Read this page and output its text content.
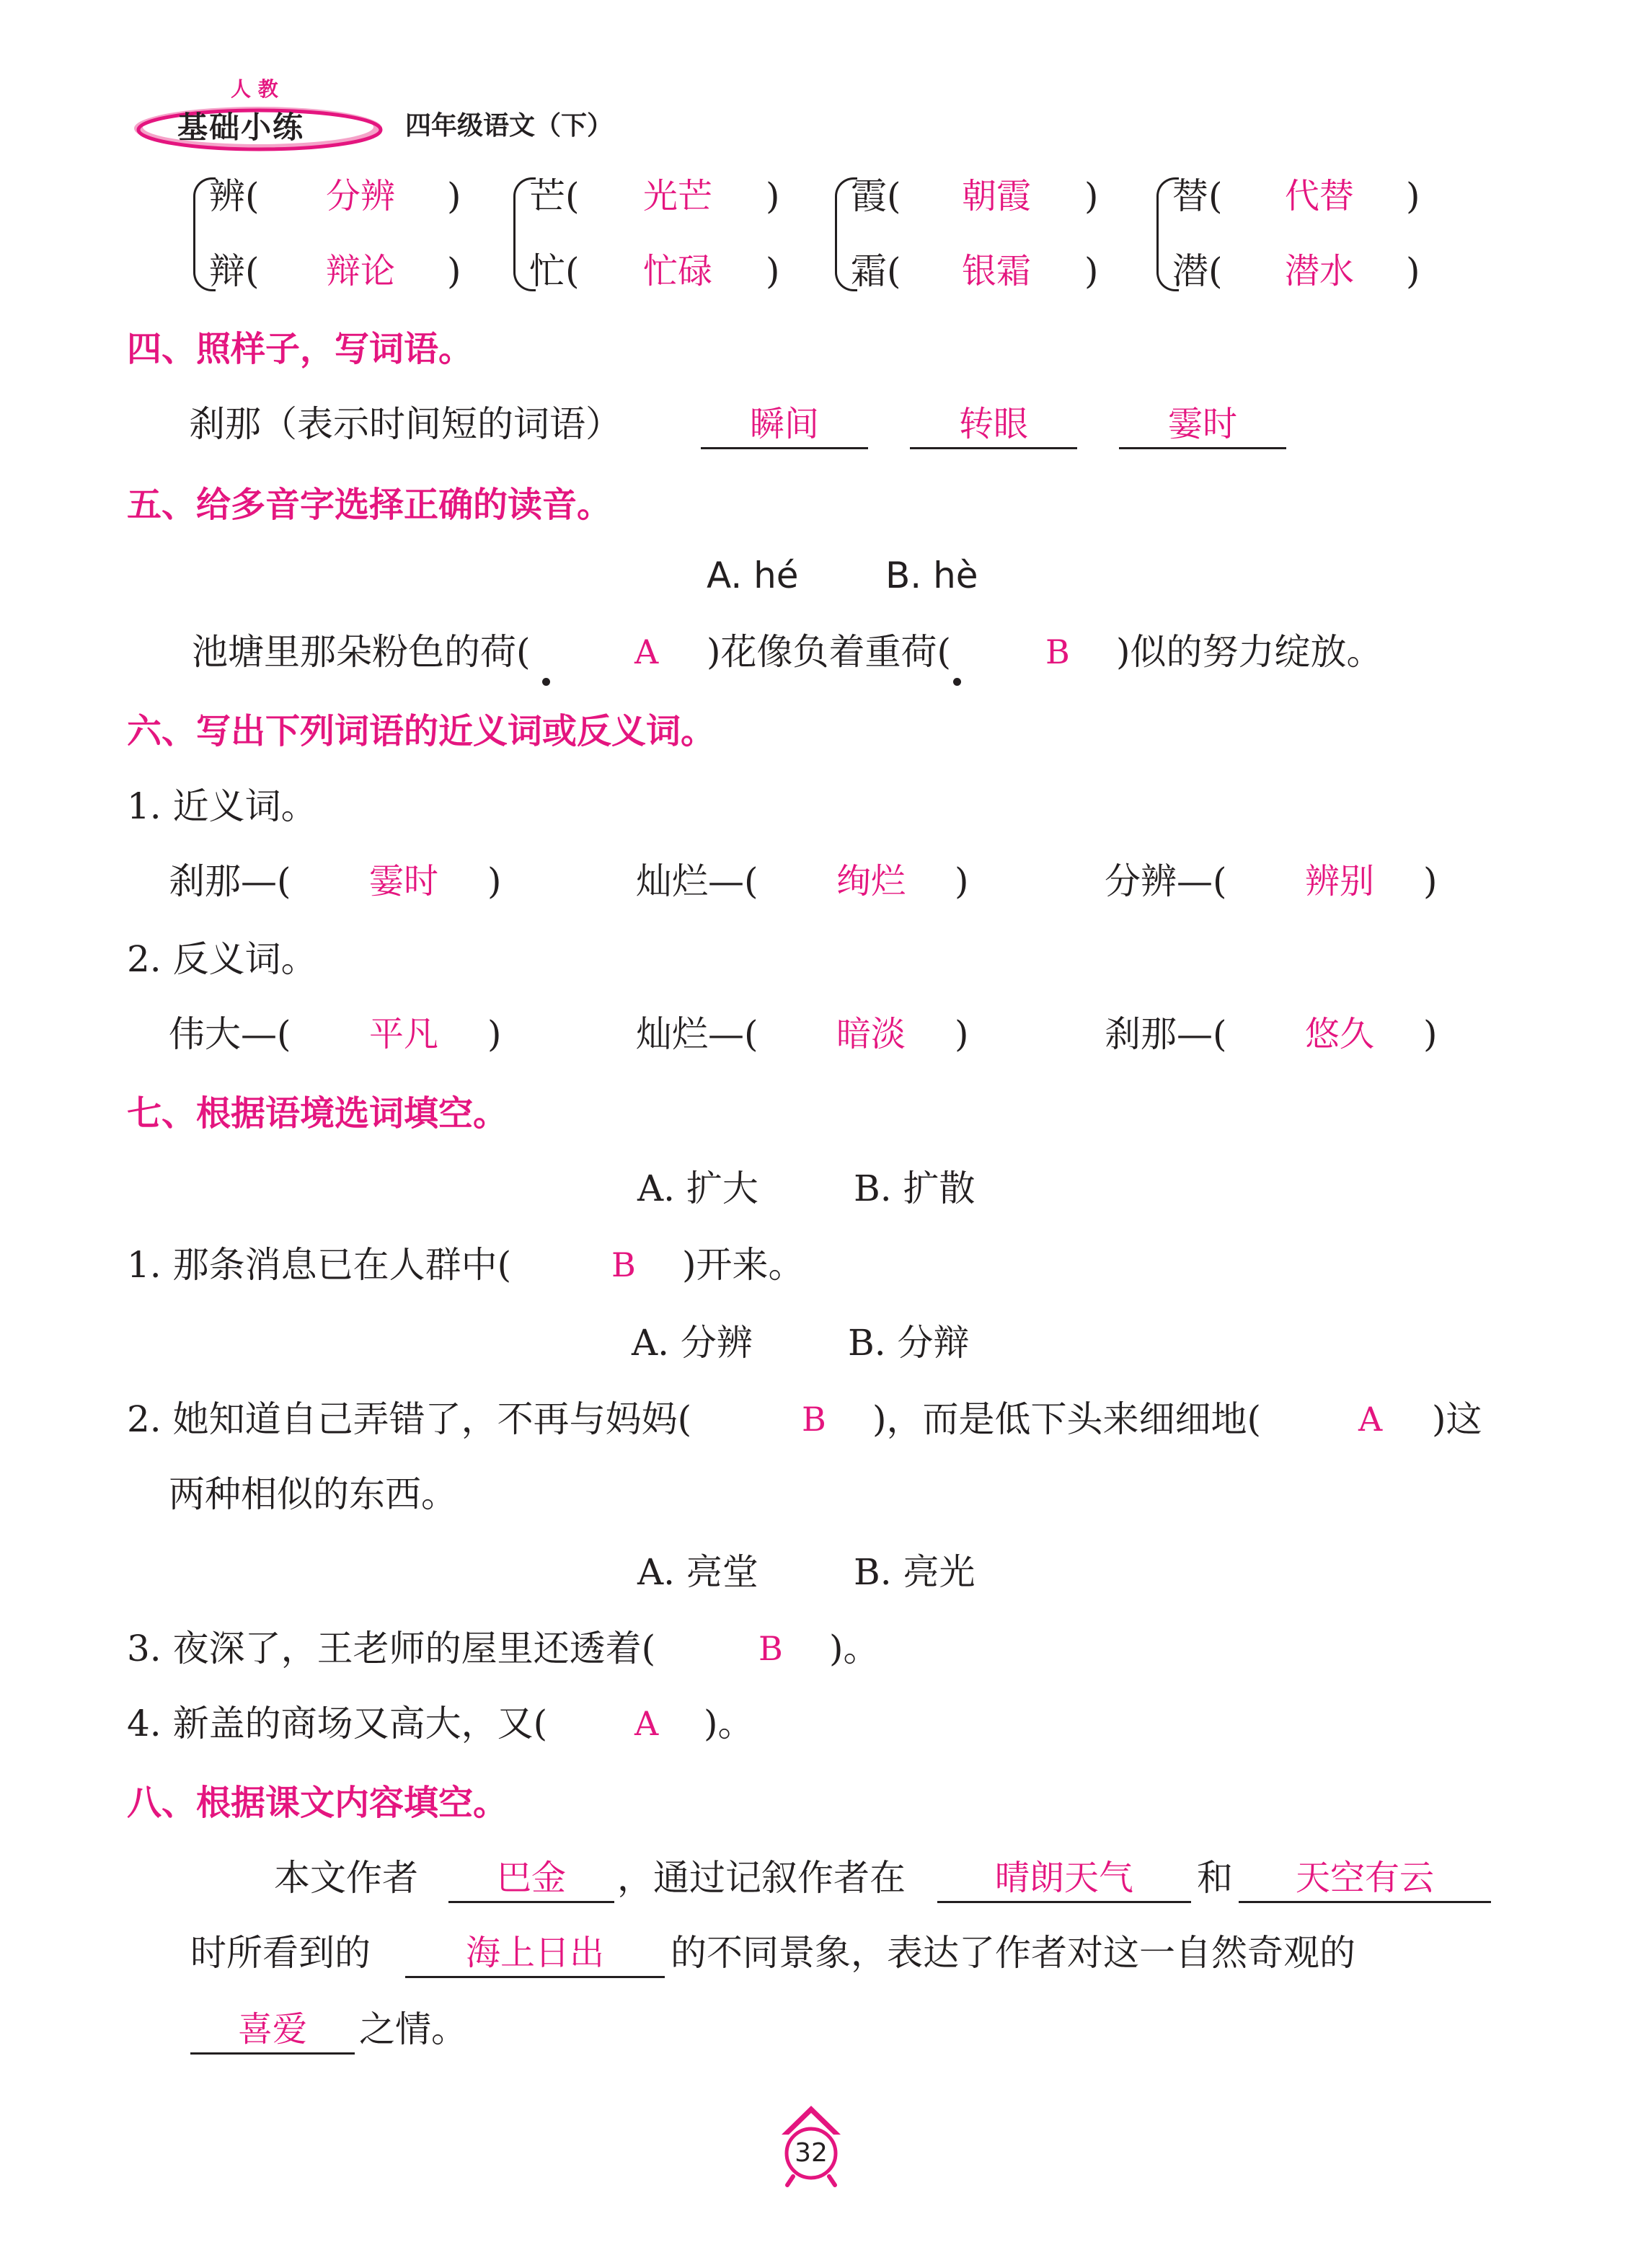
人 教
基础小练	四年级语文（下）
辨(	分辨	)
辩(	辩论	)
芒(	光芒	)
忙(	忙碌	)
霞(	朝霞	)
霜(	银霜	)
替(	代替	)
潜(	潜水	)
四、照样子，写词语。
刹那（表示时间短的词语）	瞬间	转眼	霎时
五、给多音字选择正确的读音。
A. hé B. hè
池塘里那朵粉色的荷(	A )花像负着重荷(	B )似的努力绽放。
六、写出下列词语的近义词或反义词。
1. 近义词。
刹那—(	霎时	)	灿烂—(	绚烂	)	分辨—(	辨别	)
2. 反义词。
伟大—(	平凡	)	灿烂—(	暗淡	)	刹那—(	悠久	)
七、根据语境选词填空。
A. 扩大	B. 扩散
1. 那条消息已在人群中(	B )开来。
A. 分辨	B. 分辩
2. 她知道自己弄错了，不再与妈妈(	B )，而是低下头来细细地(	A )这
两种相似的东西。
A. 亮堂	B. 亮光
3. 夜深了，王老师的屋里还透着(	B )。
4. 新盖的商场又高大，又(	A )。
八、根据课文内容填空。
本文作者	巴金	，通过记叙作者在	晴朗天气	和	天空有云
时所看到的	海上日出	的不同景象，表达了作者对这一自然奇观的
喜爱	之情。
32
